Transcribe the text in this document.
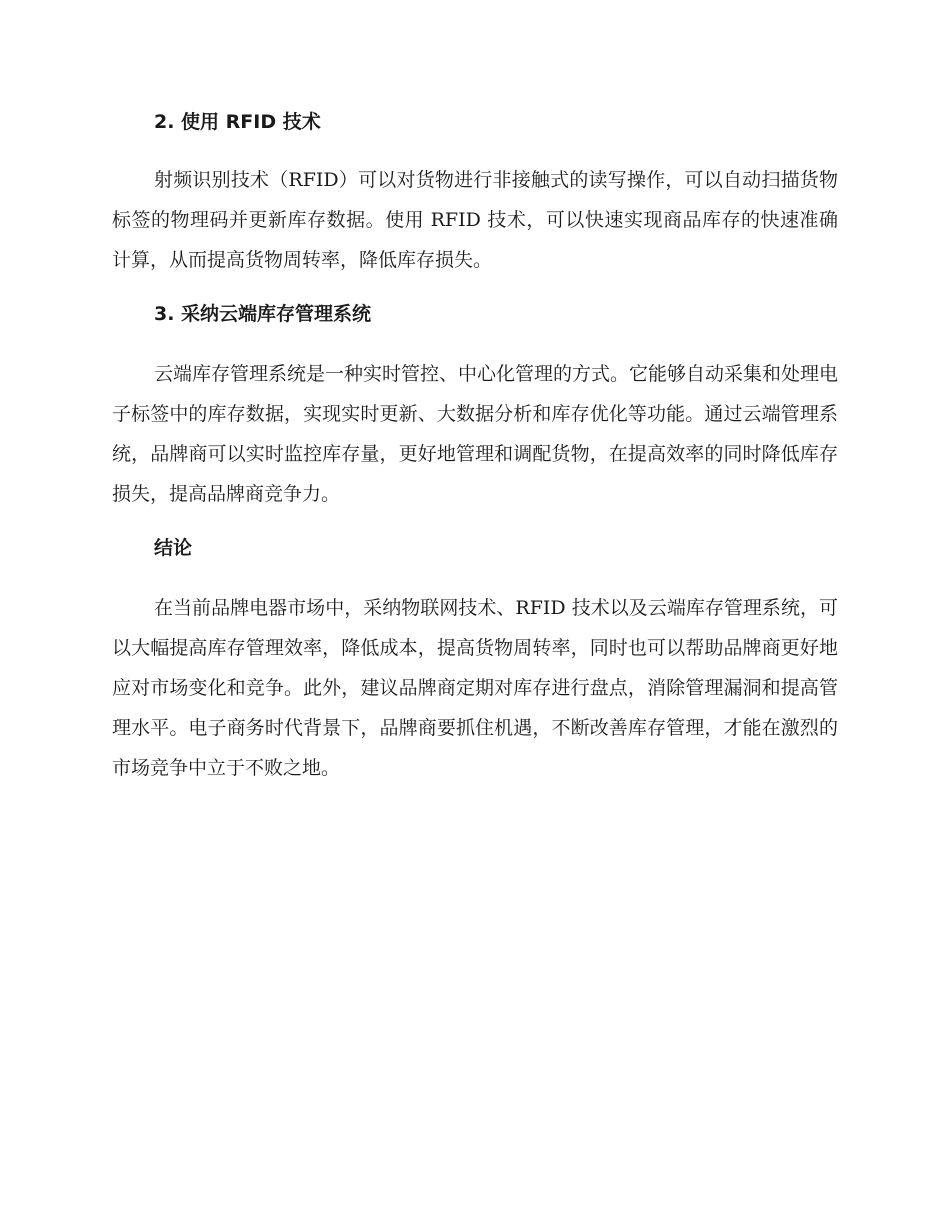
2. 使用 RFID 技术

射频识别技术（RFID）可以对货物进行非接触式的读写操作，可以自动扫描货物标签的物理码并更新库存数据。使用 RFID 技术，可以快速实现商品库存的快速准确计算，从而提高货物周转率，降低库存损失。

3. 采纳云端库存管理系统

云端库存管理系统是一种实时管控、中心化管理的方式。它能够自动采集和处理电子标签中的库存数据，实现实时更新、大数据分析和库存优化等功能。通过云端管理系统，品牌商可以实时监控库存量，更好地管理和调配货物，在提高效率的同时降低库存损失，提高品牌商竞争力。

结论

在当前品牌电器市场中，采纳物联网技术、RFID 技术以及云端库存管理系统，可以大幅提高库存管理效率，降低成本，提高货物周转率，同时也可以帮助品牌商更好地应对市场变化和竞争。此外，建议品牌商定期对库存进行盘点，消除管理漏洞和提高管理水平。电子商务时代背景下，品牌商要抓住机遇，不断改善库存管理，才能在激烈的市场竞争中立于不败之地。
